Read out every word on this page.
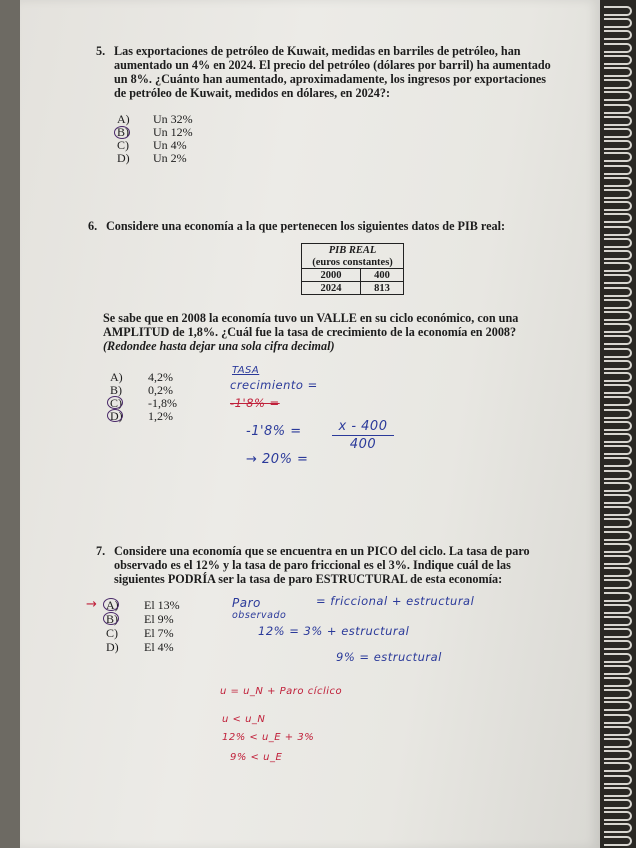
5. Las exportaciones de petróleo de Kuwait, medidas en barriles de petróleo, han
aumentado un 4% en 2024. El precio del petróleo (dólares por barril) ha aumentado
un 8%. ¿Cuánto han aumentado, aproximadamente, los ingresos por exportaciones
de petróleo de Kuwait, medidos en dólares, en 2024?:
A) Un 32%
B) Un 12%
C) Un 4%
D) Un 2%
6. Considere una economía a la que pertenecen los siguientes datos de PIB real:
PIB REAL	
(euros constantes)	
2000	400
2024	813
Se sabe que en 2008 la economía tuvo un VALLE en su ciclo económico, con una
AMPLITUD de 1,8%. ¿Cuál fue la tasa de crecimiento de la economía en 2008?
(Redondee hasta dejar una sola cifra decimal)
A) 4,2%
B) 0,2%
C) -1,8%
D) 1,2%
TASA
crecimiento =
-1'8% =
-1'8% =	x - 400
400
→ 20% =
7. Considere una economía que se encuentra en un PICO del ciclo. La tasa de paro
observado es el 12% y la tasa de paro friccional es el 3%. Indique cuál de las
siguientes PODRÍA ser la tasa de paro ESTRUCTURAL de esta economía:
→ A) El 13%
B) El 9%
C) El 7%
D) El 4%
Paro
observado
= friccional + estructural
12% = 3% + estructural
9% = estructural
u = u_N + Paro cíclico
u < u_N
12% < u_E + 3%
9% < u_E
